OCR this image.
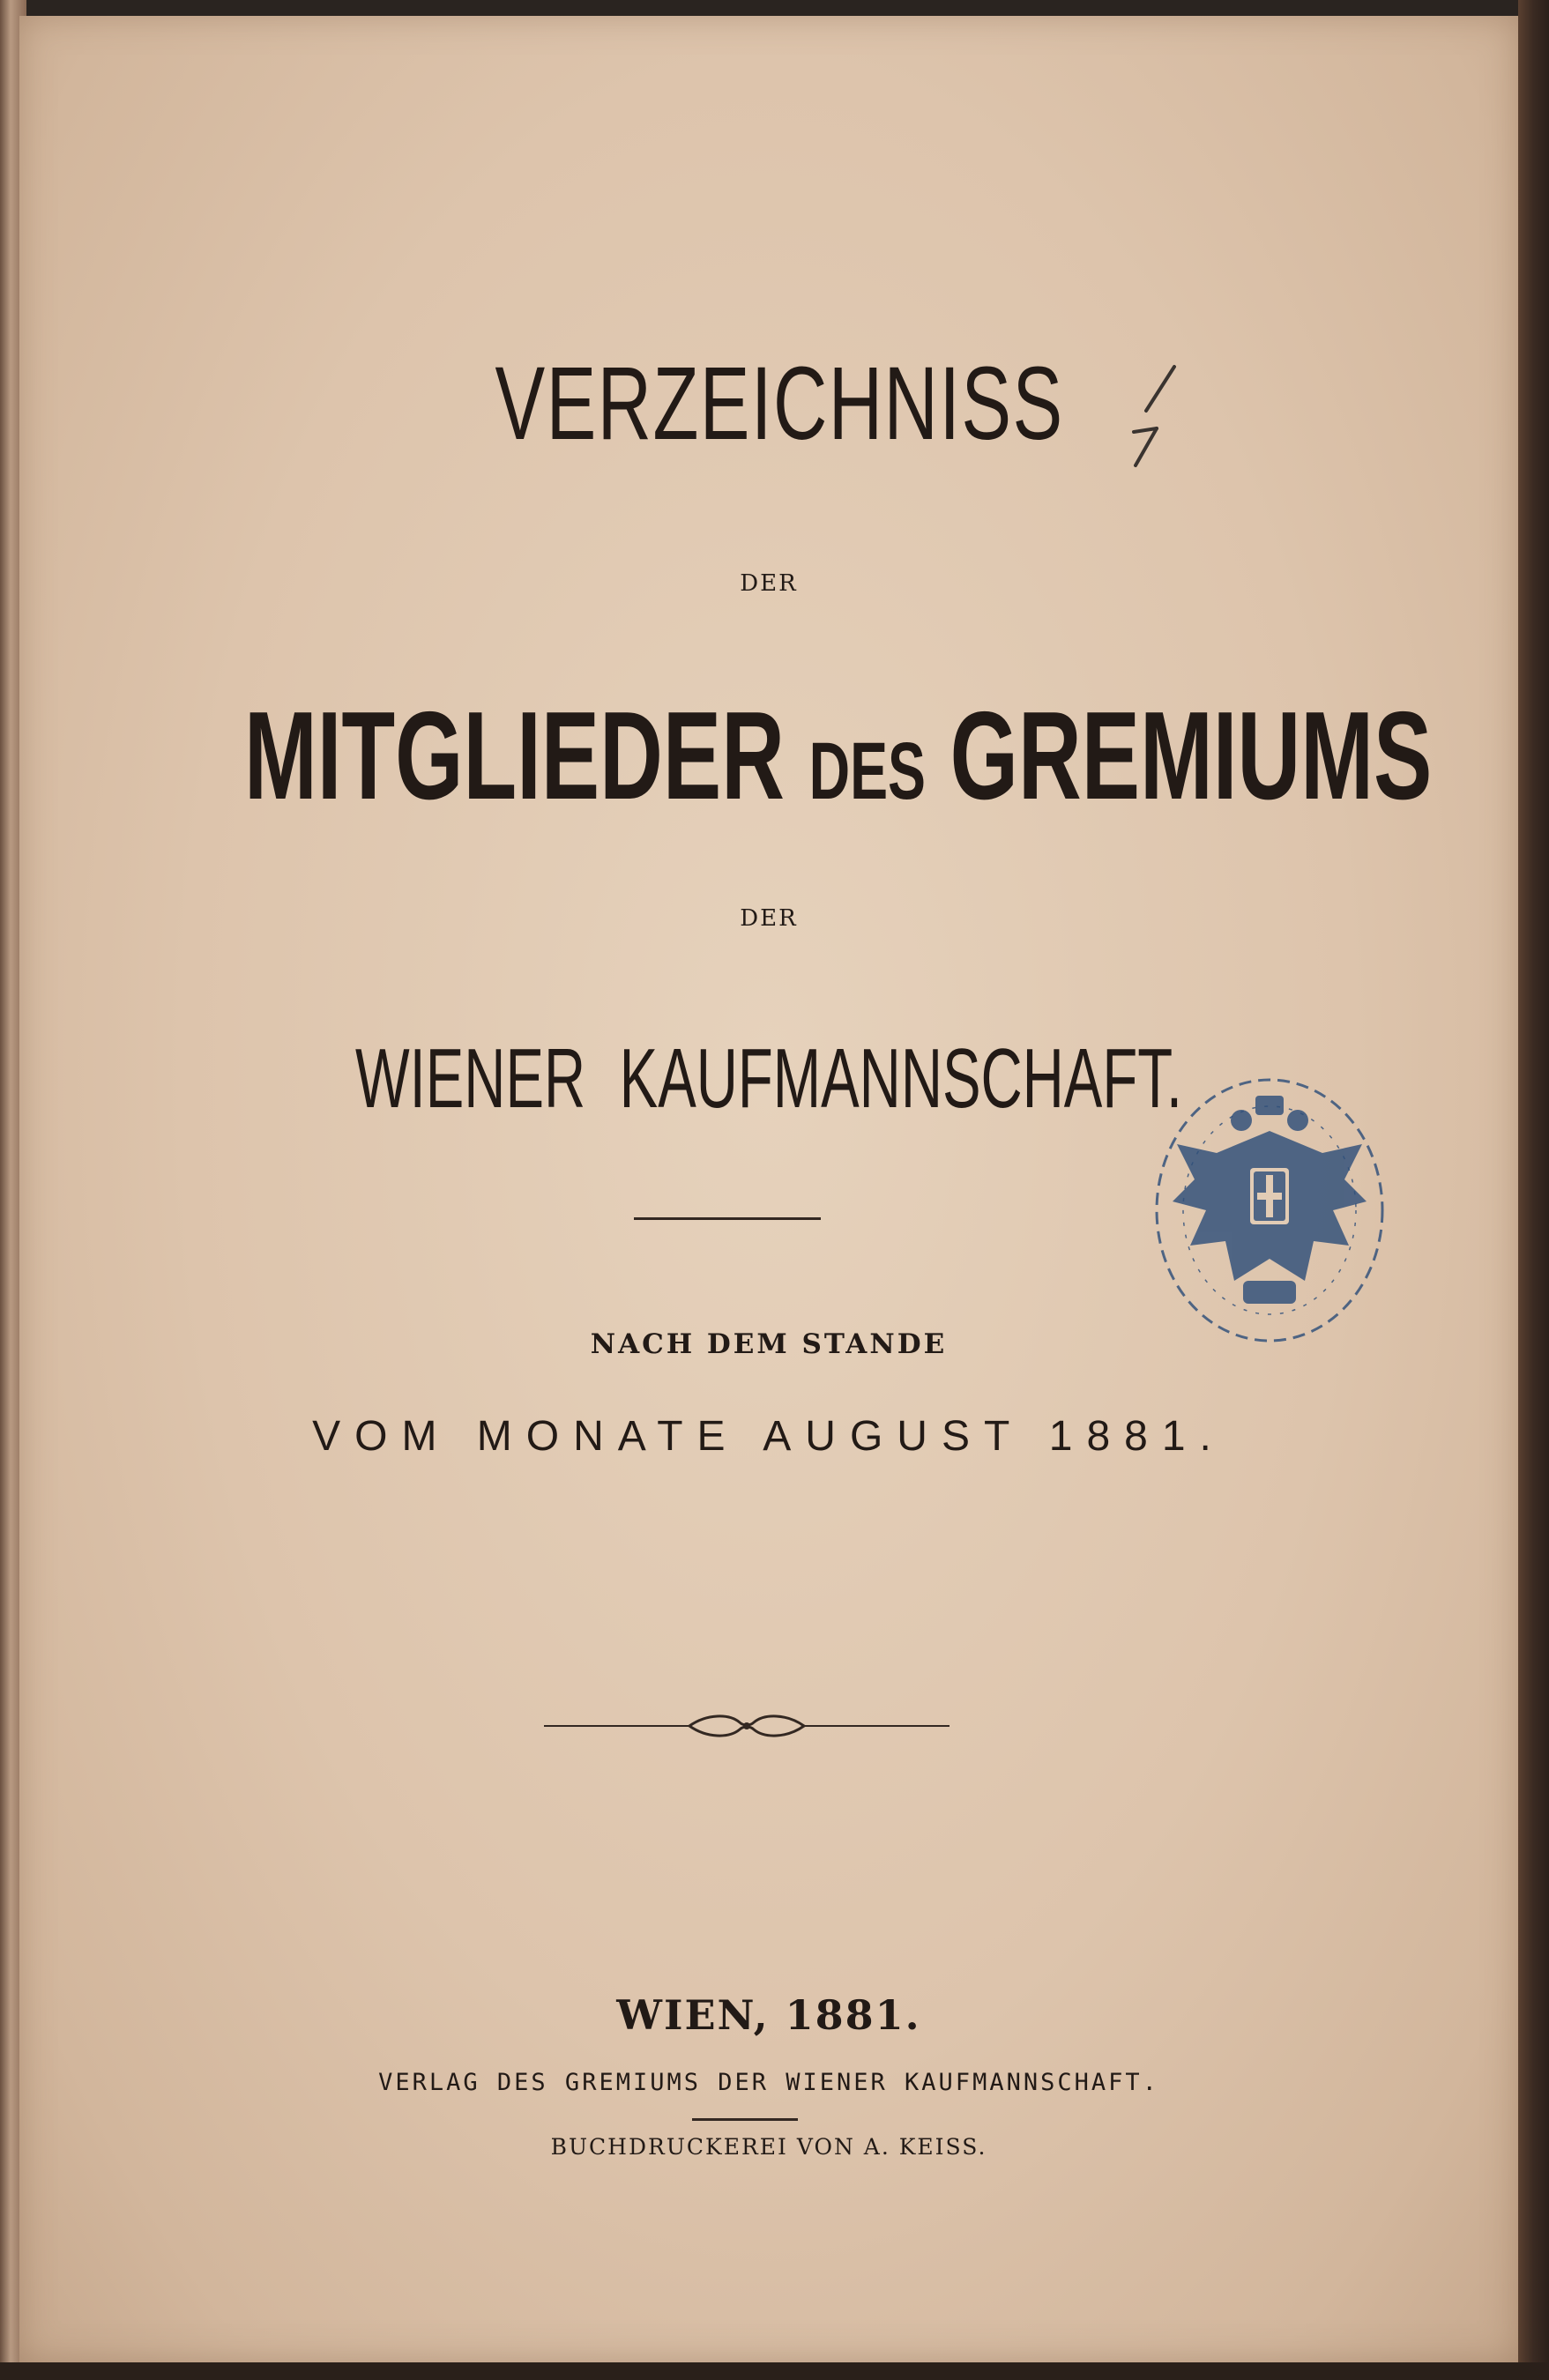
VERZEICHNISS
DER
MITGLIEDER DES GREMIUMS
DER
WIENER KAUFMANNSCHAFT.
NACH DEM STANDE
VOM MONATE AUGUST 1881.
WIEN, 1881.
VERLAG DES GREMIUMS DER WIENER KAUFMANNSCHAFT.
BUCHDRUCKEREI VON A. KEISS.
